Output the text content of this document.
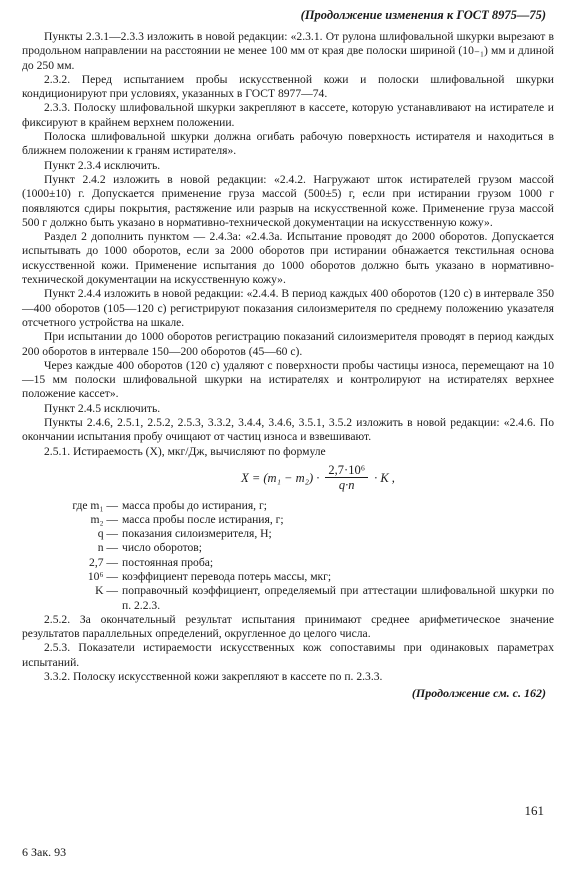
(Продолжение изменения к ГОСТ 8975—75)

Пункты 2.3.1—2.3.3 изложить в новой редакции: «2.3.1. От рулона шлифовальной шкурки вырезают в продольном направлении на расстоянии не менее 100 мм от края две полоски шириной (10₋₁) мм и длиной до 250 мм.

2.3.2. Перед испытанием пробы искусственной кожи и полоски шлифовальной шкурки кондиционируют при условиях, указанных в ГОСТ 8977—74.

2.3.3. Полоску шлифовальной шкурки закрепляют в кассете, которую устанавливают на истирателе и фиксируют в крайнем верхнем положении.

Полоска шлифовальной шкурки должна огибать рабочую поверхность истирателя и находиться в ближнем положении к граням истирателя».

Пункт 2.3.4 исключить.

Пункт 2.4.2 изложить в новой редакции: «2.4.2. Нагружают шток истирателей грузом массой (1000±10) г. Допускается применение груза массой (500±5) г, если при истирании грузом 1000 г появляются сдиры покрытия, растяжение или разрыв на искусственной коже. Применение груза массой 500 г должно быть указано в нормативно-технической документации на искусственную кожу».

Раздел 2 дополнить пунктом — 2.4.3а: «2.4.3а. Испытание проводят до 2000 оборотов. Допускается испытывать до 1000 оборотов, если за 2000 оборотов при истирании обнажается текстильная основа искусственной кожи. Применение испытания до 1000 оборотов должно быть указано в нормативно-технической документации на искусственную кожу».

Пункт 2.4.4 изложить в новой редакции: «2.4.4. В период каждых 400 оборотов (120 с) в интервале 350—400 оборотов (105—120 с) регистрируют показания силоизмерителя по среднему положению указателя отсчетного устройства на шкале.

При испытании до 1000 оборотов регистрацию показаний силоизмерителя проводят в период каждых 200 оборотов в интервале 150—200 оборотов (45—60 с).

Через каждые 400 оборотов (120 с) удаляют с поверхности пробы частицы износа, перемещают на 10—15 мм полоски шлифовальной шкурки на истирателях и контролируют на истирателях верхнее положение кассет».

Пункт 2.4.5 исключить.

Пункты 2.4.6, 2.5.1, 2.5.2, 2.5.3, 3.3.2, 3.4.4, 3.4.6, 3.5.1, 3.5.2 изложить в новой редакции: «2.4.6. По окончании испытания пробу очищают от частиц износа и взвешивают.

2.5.1. Истираемость (X), мкг/Дж, вычисляют по формуле

$X = (m_1 - m_2) \cdot \frac{\text{2,7·10⁶}}{q\cdot n} \cdot K$ ,
где m₁ — масса пробы до истирания, г;
m₂ — масса пробы после истирания, г;
q — показания силоизмерителя, Н;
n — число оборотов;
2,7 — постоянная проба;
10⁶ — коэффициент перевода потерь массы, мкг;
K — поправочный коэффициент, определяемый при аттестации шлифовальной шкурки по п. 2.2.3.

2.5.2. За окончательный результат испытания принимают среднее арифметическое значение результатов параллельных определений, округленное до целого числа.

2.5.3. Показатели истираемости искусственных кож сопоставимы при одинаковых параметрах испытаний.

3.3.2. Полоску искусственной кожи закрепляют в кассете по п. 2.3.3.

(Продолжение см. с. 162)
161
6 Зак. 93
